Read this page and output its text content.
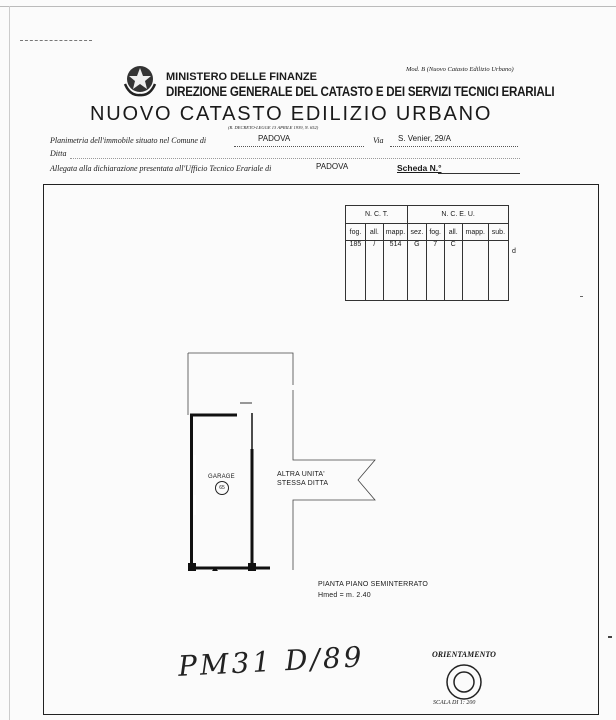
Mod. B (Nuovo Catasto Edilizio Urbano)
MINISTERO DELLE FINANZE
DIREZIONE GENERALE DEL CATASTO E DEI SERVIZI TECNICI ERARIALI
NUOVO CATASTO EDILIZIO URBANO
(R. DECRETO-LEGGE 13 APRILE 1939, N. 652)
Planimetria dell'immobile situato nel Comune di	PADOVA	Via S. Venier, 29/A
Ditta
Allegata alla dichiarazione presentata all'Ufficio Tecnico Erariale di	PADOVA	Scheda N.°
N. C. T.			N. C. E. U.				
fog.	all.	mapp.	sez.	fog.	all.	mapp.	sub.
185	/	514	G	7	C		
d
GARAGE
65
ALTRA UNITA'
STESSA DITTA
PIANTA PIANO SEMINTERRATO
Hmed = m. 2.40
PM31 D/89	ORIENTAMENTO
SCALA DI 1: 200
